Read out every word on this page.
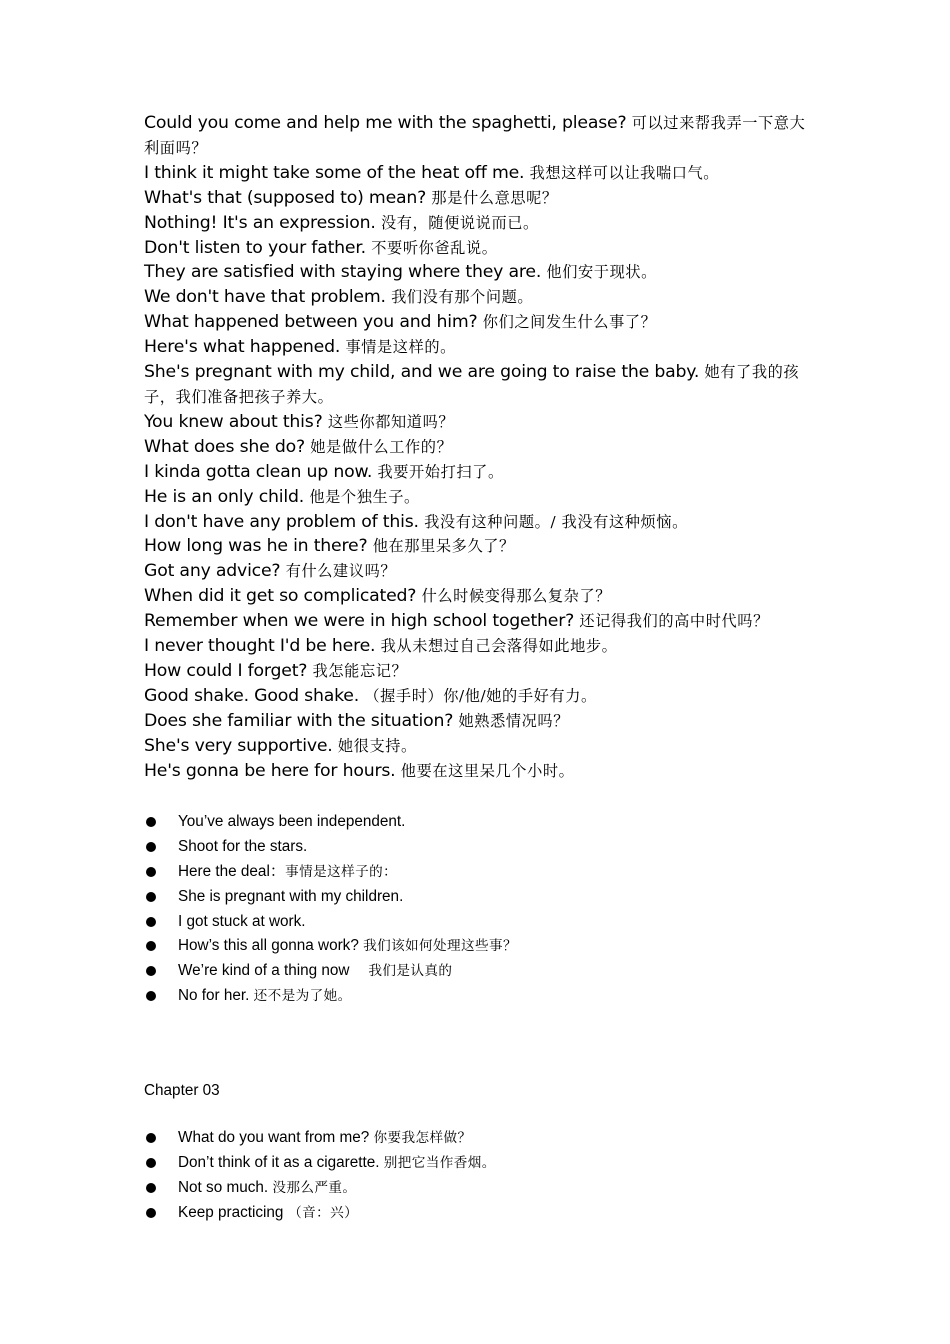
Could you come and help me with the spaghetti, please? 可以过来帮我弄一下意大利面吗？
I think it might take some of the heat off me. 我想这样可以让我喘口气。
What's that (supposed to) mean? 那是什么意思呢？
Nothing! It's an expression. 没有，随便说说而已。
Don't listen to your father. 不要听你爸乱说。
They are satisfied with staying where they are. 他们安于现状。
We don't have that problem. 我们没有那个问题。
What happened between you and him? 你们之间发生什么事了？
Here's what happened. 事情是这样的。
She's pregnant with my child, and we are going to raise the baby. 她有了我的孩子，我们准备把孩子养大。
You knew about this? 这些你都知道吗？
What does she do? 她是做什么工作的？
I kinda gotta clean up now. 我要开始打扫了。
He is an only child. 他是个独生子。
I don't have any problem of this. 我没有这种问题。/ 我没有这种烦恼。
How long was he in there? 他在那里呆多久了？
Got any advice? 有什么建议吗？
When did it get so complicated? 什么时候变得那么复杂了？
Remember when we were in high school together? 还记得我们的高中时代吗？
I never thought I'd be here. 我从未想过自己会落得如此地步。
How could I forget? 我怎能忘记？
Good shake. Good shake. （握手时）你/他/她的手好有力。
Does she familiar with the situation? 她熟悉情况吗？
She's very supportive. 她很支持。
He's gonna be here for hours. 他要在这里呆几个小时。
You’ve always been independent.
Shoot for the stars.
Here the deal：事情是这样子的：
She is pregnant with my children.
I got stuck at work.
How’s this all gonna work? 我们该如何处理这些事？
We’re kind of a thing now    我们是认真的
No for her. 还不是为了她。
Chapter 03
What do you want from me? 你要我怎样做？
Don’t think of it as a cigarette. 别把它当作香烟。
Not so much. 没那么严重。
Keep practicing （音：兴）
